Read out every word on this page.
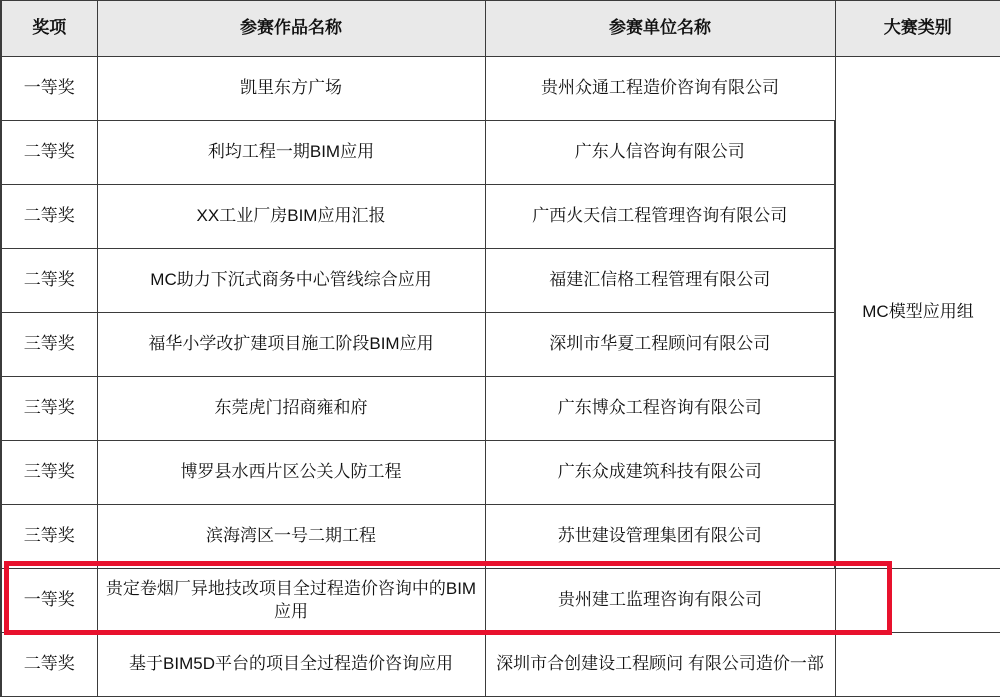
奖项	参赛作品名称	参赛单位名称	大赛类别
一等奖	凯里东方广场	贵州众通工程造价咨询有限公司	MC模型应用组
二等奖	利均工程一期BIM应用	广东人信咨询有限公司	
二等奖	XX工业厂房BIM应用汇报	广西火天信工程管理咨询有限公司	
二等奖	MC助力下沉式商务中心管线综合应用	福建汇信格工程管理有限公司	
三等奖	福华小学改扩建项目施工阶段BIM应用	深圳市华夏工程顾问有限公司	
三等奖	东莞虎门招商雍和府	广东博众工程咨询有限公司	
三等奖	博罗县水西片区公关人防工程	广东众成建筑科技有限公司	
三等奖	滨海湾区一号二期工程	苏世建设管理集团有限公司	
一等奖	贵定卷烟厂异地技改项目全过程造价咨询中的BIM应用	贵州建工监理咨询有限公司	
二等奖	基于BIM5D平台的项目全过程造价咨询应用	深圳市合创建设工程顾问 有限公司造价一部	
